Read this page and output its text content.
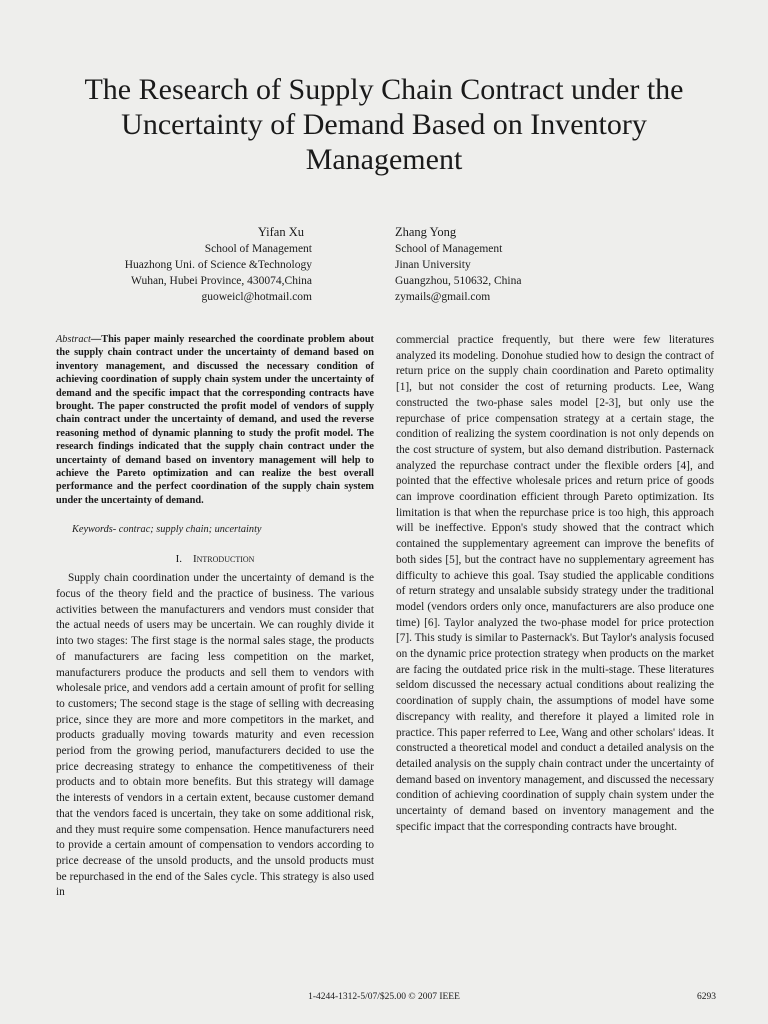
The Research of Supply Chain Contract under the Uncertainty of Demand Based on Inventory Management
Yifan Xu
School of Management
Huazhong Uni. of Science &Technology
Wuhan, Hubei Province, 430074,China
guoweicl@hotmail.com
Zhang Yong
School of Management
Jinan University
Guangzhou, 510632, China
zymails@gmail.com

Abstract—This paper mainly researched the coordinate problem about the supply chain contract under the uncertainty of demand based on inventory management, and discussed the necessary condition of achieving coordination of supply chain system under the uncertainty of demand and the specific impact that the corresponding contracts have brought. The paper constructed the profit model of vendors of supply chain contract under the uncertainty of demand, and used the reverse reasoning method of dynamic planning to study the profit model. The research findings indicated that the supply chain contract under the uncertainty of demand based on inventory management will help to achieve the Pareto optimization and can realize the best overall performance and the perfect coordination of the supply chain system under the uncertainty of demand.

Keywords- contrac; supply chain; uncertainty
I. Introduction

Supply chain coordination under the uncertainty of demand is the focus of the theory field and the practice of business. The various activities between the manufacturers and vendors must consider that the actual needs of users may be uncertain. We can roughly divide it into two stages: The first stage is the normal sales stage, the products of manufacturers are facing less competition on the market, manufacturers produce the products and sell them to vendors with wholesale price, and vendors add a certain amount of profit for selling to customers; The second stage is the stage of selling with decreasing price, since they are more and more competitors in the market, and products gradually moving towards maturity and even recession period from the growing period, manufacturers decided to use the price decreasing strategy to enhance the competitiveness of their products and to obtain more benefits. But this strategy will damage the interests of vendors in a certain extent, because customer demand that the vendors faced is uncertain, they take on some additional risk, and they must require some compensation. Hence manufacturers need to provide a certain amount of compensation to vendors according to price decrease of the unsold products, and the unsold products must be repurchased in the end of the Sales cycle. This strategy is also used in

commercial practice frequently, but there were few literatures analyzed its modeling. Donohue studied how to design the contract of return price on the supply chain coordination and Pareto optimality [1], but not consider the cost of returning products. Lee, Wang constructed the two-phase sales model [2-3], but only use the repurchase of price compensation strategy at a certain stage, the condition of realizing the system coordination is not only depends on the cost structure of system, but also demand distribution. Pasternack analyzed the repurchase contract under the flexible orders [4], and pointed that the effective wholesale prices and return price of goods can improve coordination efficient through Pareto optimization. Its limitation is that when the repurchase price is too high, this approach will be ineffective. Eppon's study showed that the contract which contained the supplementary agreement can improve the benefits of both sides [5], but the contract have no supplementary agreement has difficulty to achieve this goal. Tsay studied the applicable conditions of return strategy and unsalable subsidy strategy under the traditional model (vendors orders only once, manufacturers are also produce one time) [6]. Taylor analyzed the two-phase model for price protection [7]. This study is similar to Pasternack's. But Taylor's analysis focused on the dynamic price protection strategy when products on the market are facing the outdated price risk in the multi-stage. These literatures seldom discussed the necessary actual conditions about realizing the coordination of supply chain, the assumptions of model have some discrepancy with reality, and therefore it played a limited role in practice. This paper referred to Lee, Wang and other scholars' ideas. It constructed a theoretical model and conduct a detailed analysis on the detailed analysis on the supply chain contract under the uncertainty of demand based on inventory management, and discussed the necessary condition of achieving coordination of supply chain system under the uncertainty of demand based on inventory management and the specific impact that the corresponding contracts have brought.

1-4244-1312-5/07/$25.00 © 2007 IEEE	6293
